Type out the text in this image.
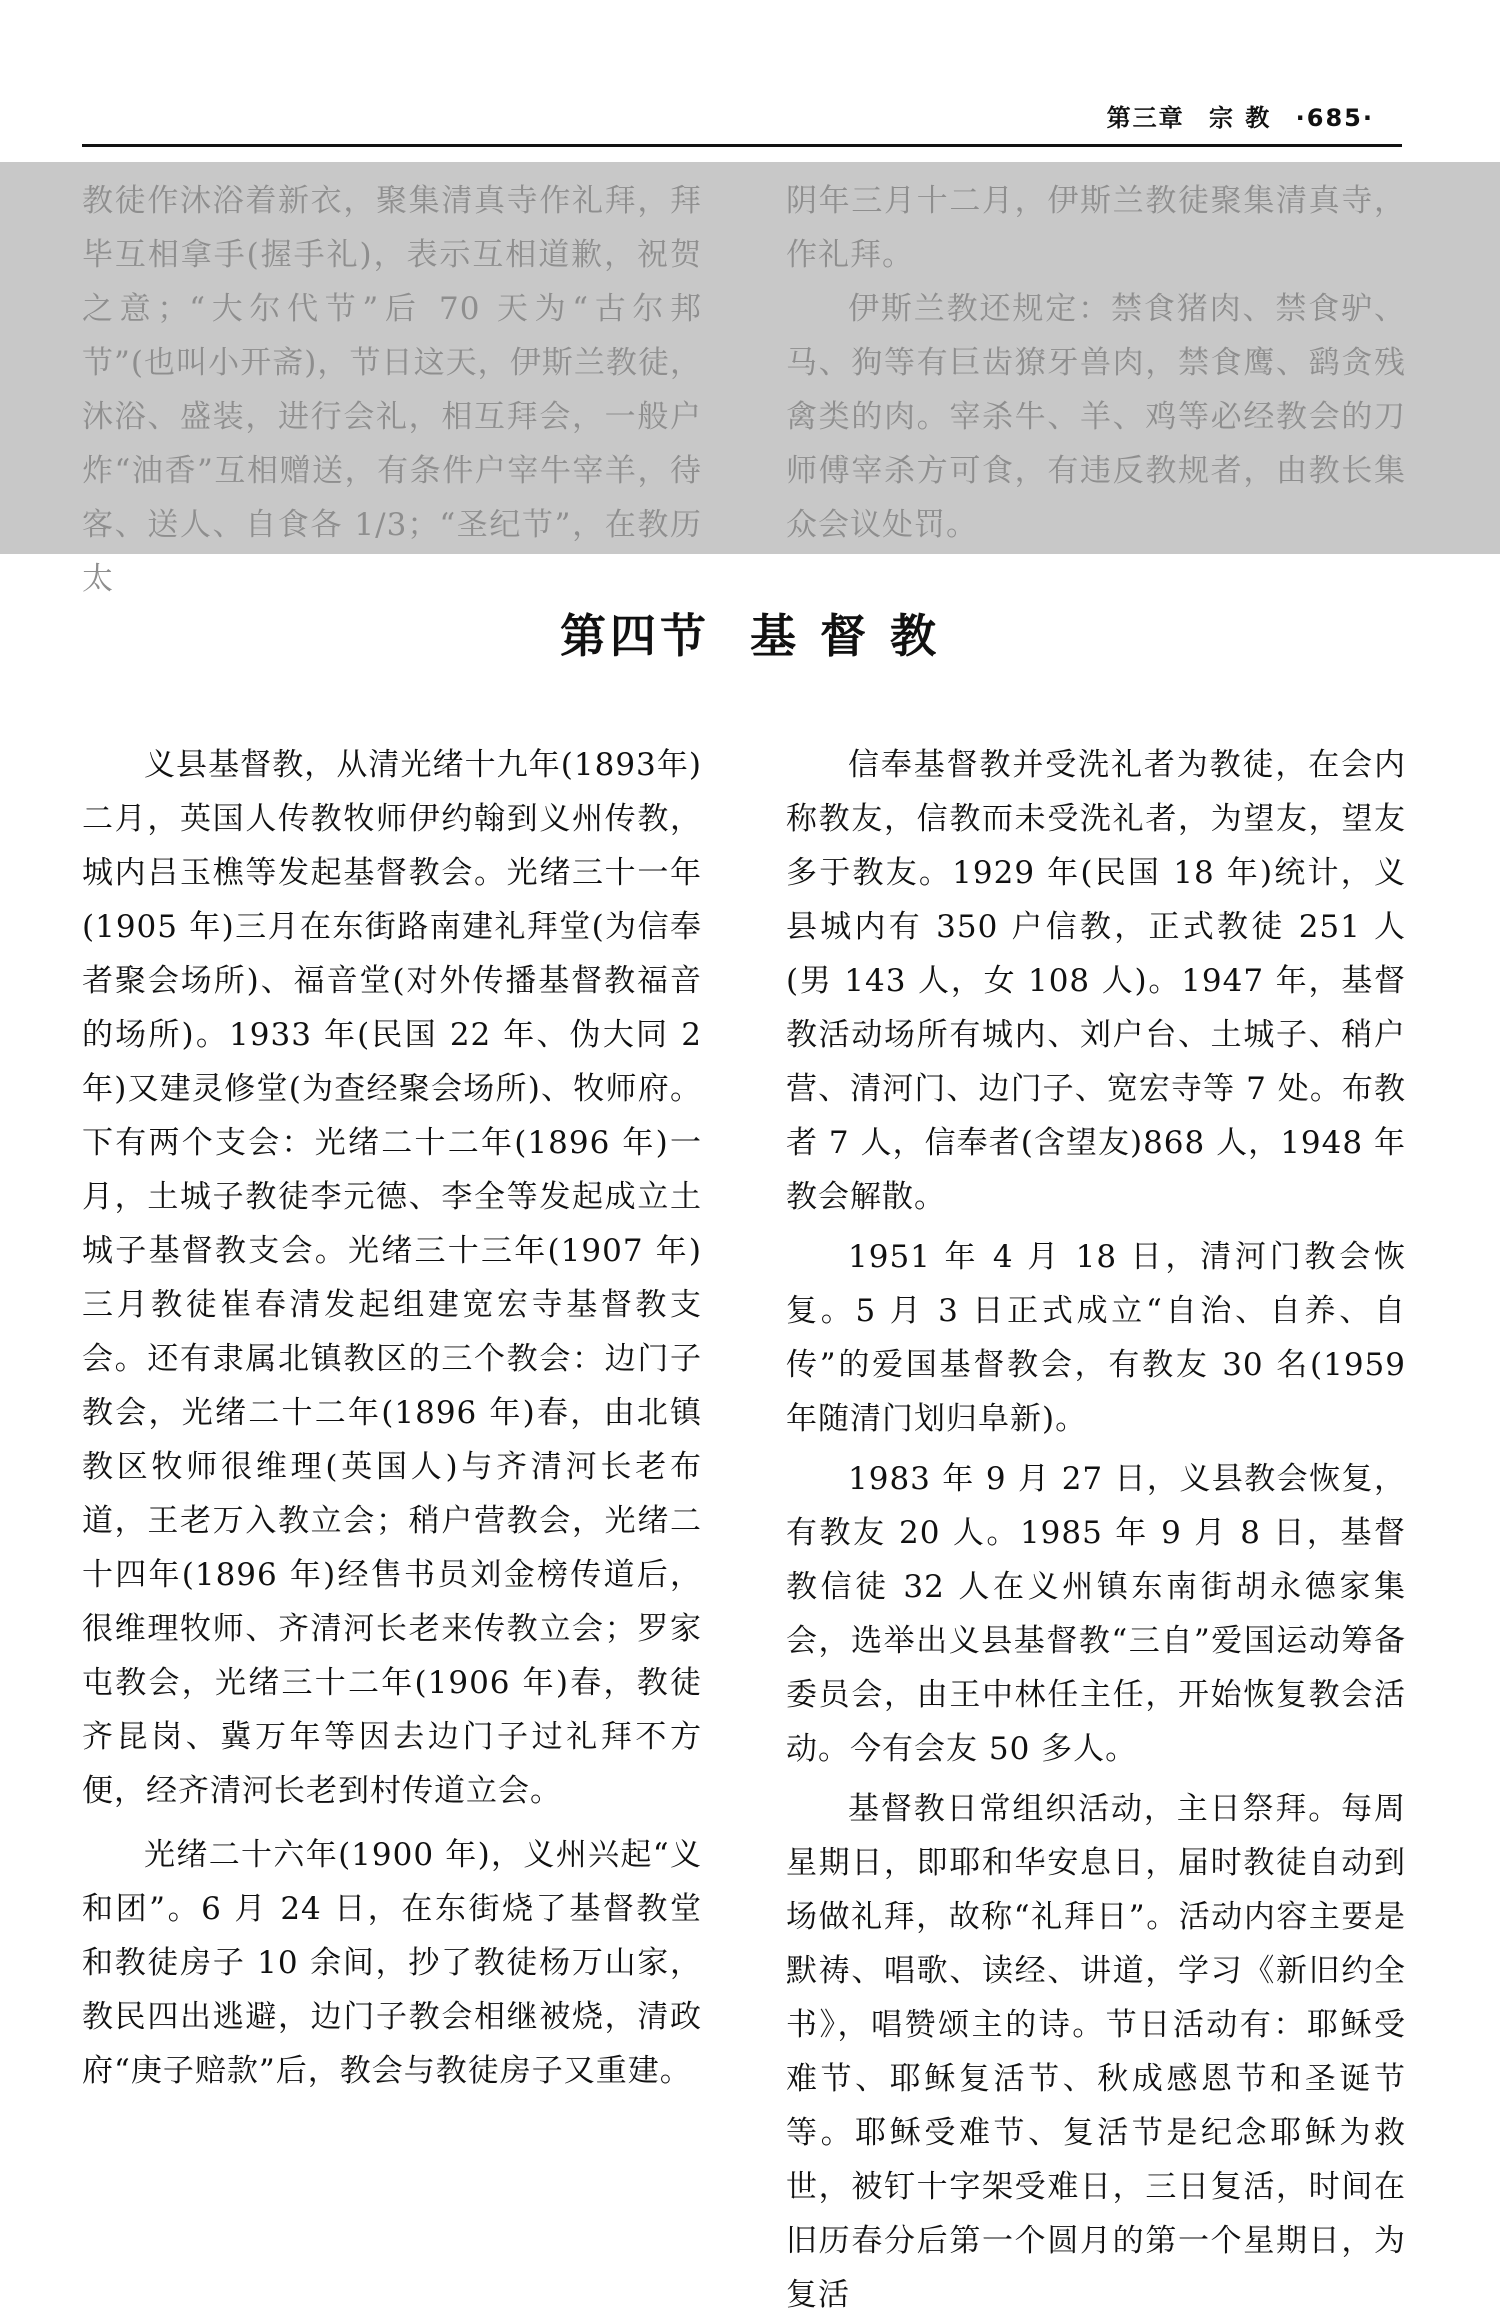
第三章 宗 教 ·685·

教徒作沐浴着新衣，聚集清真寺作礼拜，拜毕互相拿手(握手礼)，表示互相道歉，祝贺之意；“大尔代节”后 70 天为“古尔邦节”(也叫小开斋)，节日这天，伊斯兰教徒，沐浴、盛装，进行会礼，相互拜会，一般户炸“油香”互相赠送，有条件户宰牛宰羊，待客、送人、自食各 1/3；“圣纪节”，在教历太

阴年三月十二月，伊斯兰教徒聚集清真寺，作礼拜。

伊斯兰教还规定：禁食猪肉、禁食驴、马、狗等有巨齿獠牙兽肉，禁食鹰、鹞贪残禽类的肉。宰杀牛、羊、鸡等必经教会的刀师傅宰杀方可食，有违反教规者，由教长集众会议处罚。

第四节 基 督 教

义县基督教，从清光绪十九年(1893年)二月，英国人传教牧师伊约翰到义州传教，城内吕玉樵等发起基督教会。光绪三十一年(1905 年)三月在东街路南建礼拜堂(为信奉者聚会场所)、福音堂(对外传播基督教福音的场所)。1933 年(民国 22 年、伪大同 2 年)又建灵修堂(为查经聚会场所)、牧师府。下有两个支会：光绪二十二年(1896 年)一月，土城子教徒李元德、李全等发起成立土城子基督教支会。光绪三十三年(1907 年)三月教徒崔春清发起组建宽宏寺基督教支会。还有隶属北镇教区的三个教会：边门子教会，光绪二十二年(1896 年)春，由北镇教区牧师很维理(英国人)与齐清河长老布道，王老万入教立会；稍户营教会，光绪二十四年(1896 年)经售书员刘金榜传道后，很维理牧师、齐清河长老来传教立会；罗家屯教会，光绪三十二年(1906 年)春，教徒齐昆岗、冀万年等因去边门子过礼拜不方便，经齐清河长老到村传道立会。

光绪二十六年(1900 年)，义州兴起“义和团”。6 月 24 日，在东街烧了基督教堂和教徒房子 10 余间，抄了教徒杨万山家，教民四出逃避，边门子教会相继被烧，清政府“庚子赔款”后，教会与教徒房子又重建。

信奉基督教并受洗礼者为教徒，在会内称教友，信教而未受洗礼者，为望友，望友多于教友。1929 年(民国 18 年)统计，义县城内有 350 户信教，正式教徒 251 人(男 143 人，女 108 人)。1947 年，基督教活动场所有城内、刘户台、土城子、稍户营、清河门、边门子、宽宏寺等 7 处。布教者 7 人，信奉者(含望友)868 人，1948 年教会解散。

1951 年 4 月 18 日，清河门教会恢复。5 月 3 日正式成立“自治、自养、自传”的爱国基督教会，有教友 30 名(1959 年随清门划归阜新)。

1983 年 9 月 27 日，义县教会恢复，有教友 20 人。1985 年 9 月 8 日，基督教信徒 32 人在义州镇东南街胡永德家集会，选举出义县基督教“三自”爱国运动筹备委员会，由王中林任主任，开始恢复教会活动。今有会友 50 多人。

基督教日常组织活动，主日祭拜。每周星期日，即耶和华安息日，届时教徒自动到场做礼拜，故称“礼拜日”。活动内容主要是默祷、唱歌、读经、讲道，学习《新旧约全书》，唱赞颂主的诗。节日活动有：耶稣受难节、耶稣复活节、秋成感恩节和圣诞节等。耶稣受难节、复活节是纪念耶稣为救世，被钉十字架受难日，三日复活，时间在旧历春分后第一个圆月的第一个星期日，为复活
